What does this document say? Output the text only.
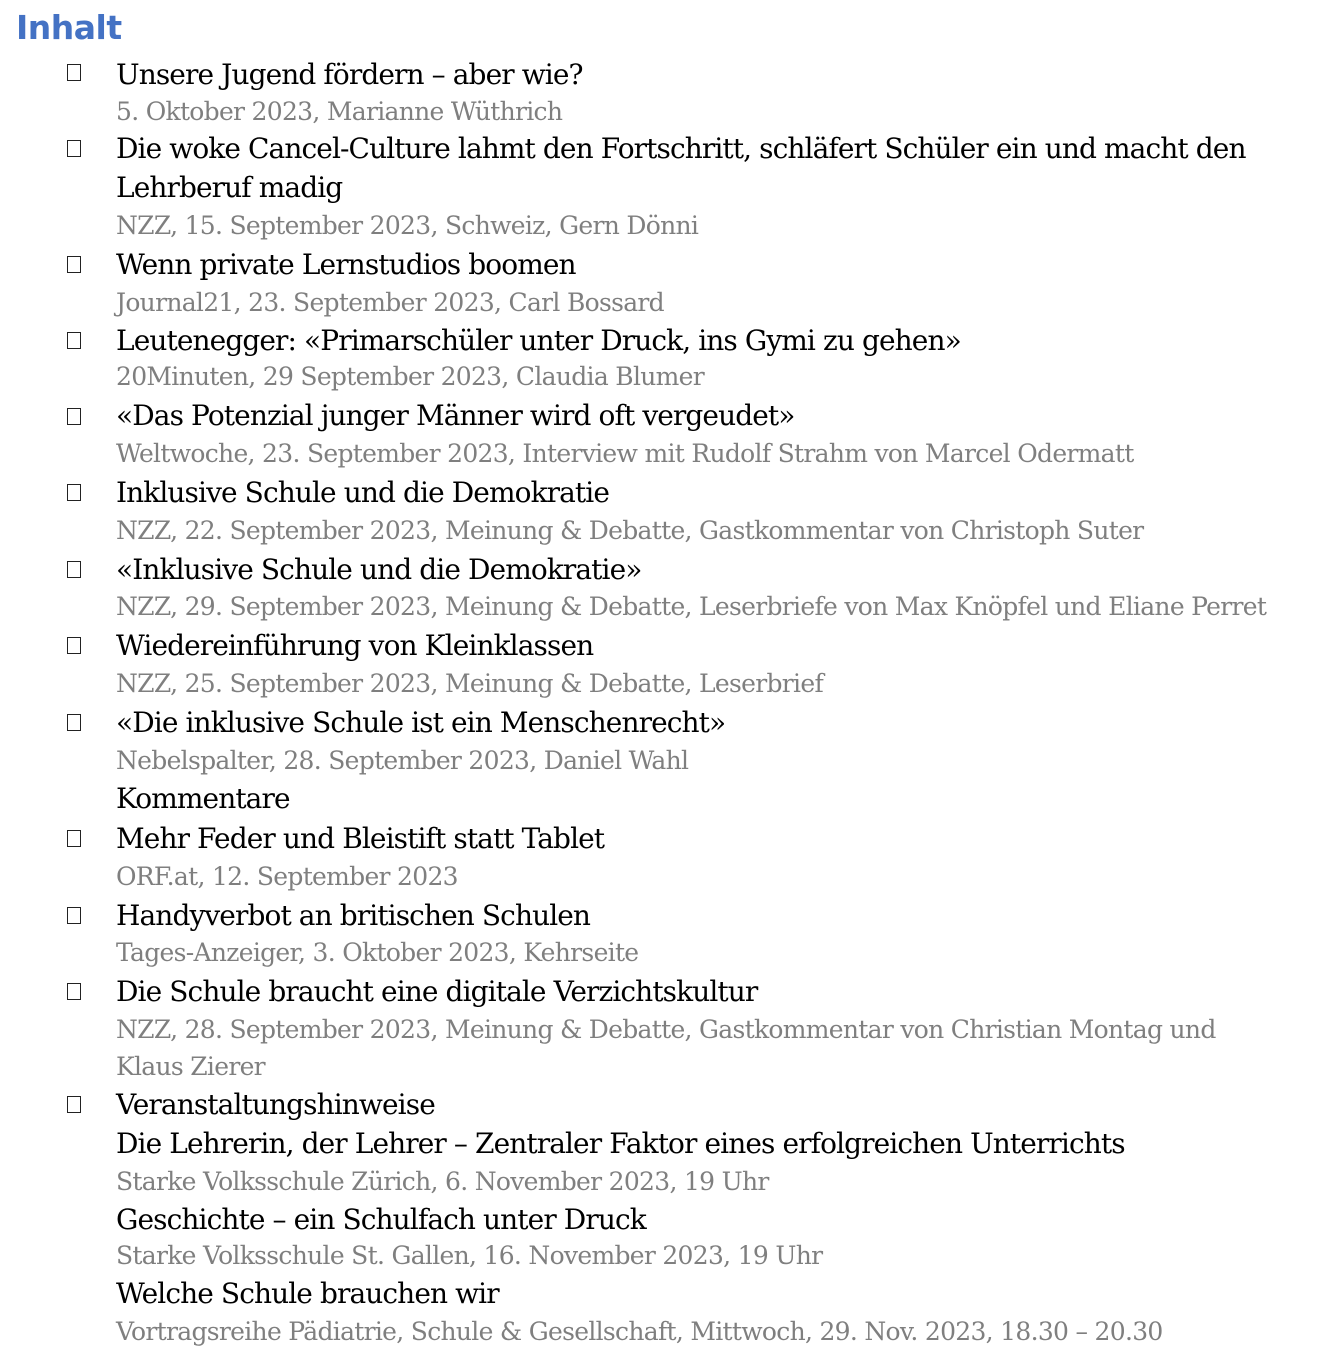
Inhalt
Unsere Jugend fördern – aber wie?
5. Oktober 2023, Marianne Wüthrich
Die woke Cancel-Culture lahmt den Fortschritt, schläfert Schüler ein und macht den Lehrberuf madig
NZZ, 15. September 2023, Schweiz, Gern Dönni
Wenn private Lernstudios boomen
Journal21, 23. September 2023, Carl Bossard
Leutenegger: «Primarschüler unter Druck, ins Gymi zu gehen»
20Minuten, 29 September 2023, Claudia Blumer
«Das Potenzial junger Männer wird oft vergeudet»
Weltwoche, 23. September 2023, Interview mit Rudolf Strahm von Marcel Odermatt
Inklusive Schule und die Demokratie
NZZ, 22. September 2023, Meinung & Debatte, Gastkommentar von Christoph Suter
«Inklusive Schule und die Demokratie»
NZZ, 29. September 2023, Meinung & Debatte, Leserbriefe von Max Knöpfel und Eliane Perret
Wiedereinführung von Kleinklassen
NZZ, 25. September 2023, Meinung & Debatte, Leserbrief
«Die inklusive Schule ist ein Menschenrecht»
Nebelspalter, 28. September 2023, Daniel Wahl
Kommentare
Mehr Feder und Bleistift statt Tablet
ORF.at, 12. September 2023
Handyverbot an britischen Schulen
Tages-Anzeiger, 3. Oktober 2023, Kehrseite
Die Schule braucht eine digitale Verzichtskultur
NZZ, 28. September 2023, Meinung & Debatte, Gastkommentar von Christian Montag und Klaus Zierer
Veranstaltungshinweise
Die Lehrerin, der Lehrer – Zentraler Faktor eines erfolgreichen Unterrichts
Starke Volksschule Zürich, 6. November 2023, 19 Uhr
Geschichte – ein Schulfach unter Druck
Starke Volksschule St. Gallen, 16. November 2023, 19 Uhr
Welche Schule brauchen wir
Vortragsreihe Pädiatrie, Schule & Gesellschaft, Mittwoch, 29. Nov. 2023, 18.30 – 20.30
